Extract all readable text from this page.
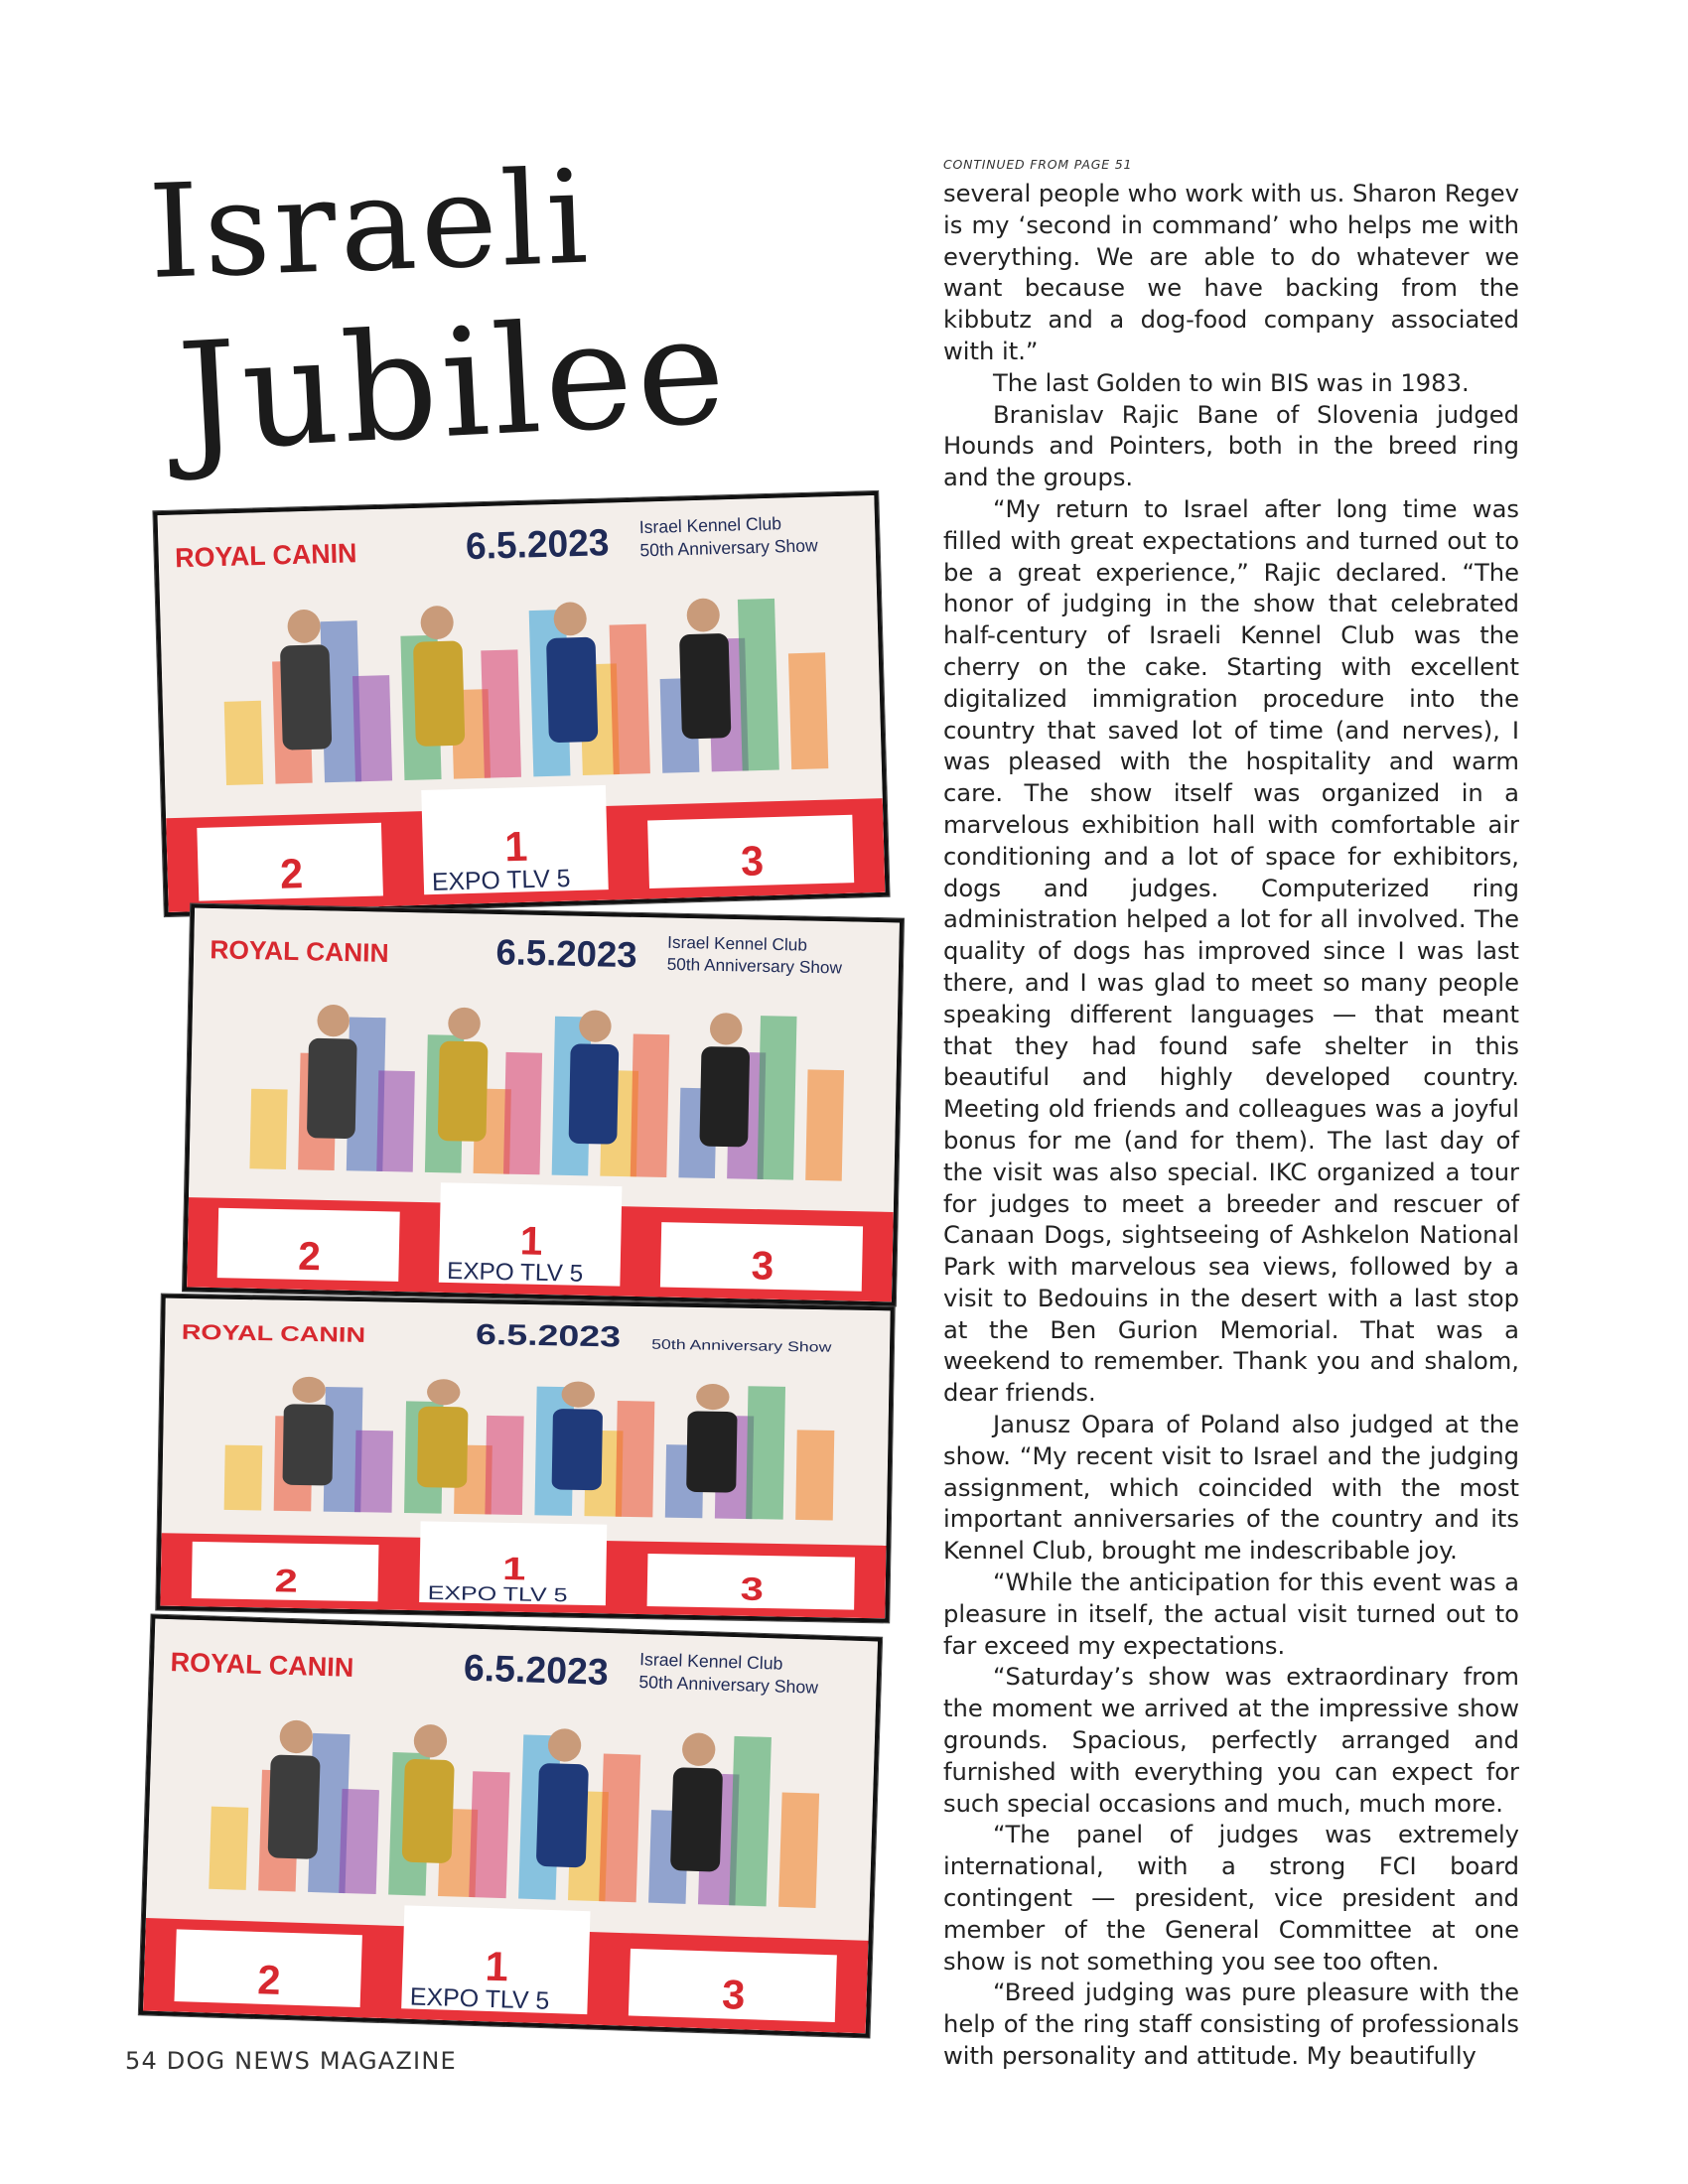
Israeli
Jubilee
ROYAL CANIN	6.5.2023 Israel Kennel Club
50th Anniversary Show
2
1	3
EXPO TLV 5
ROYAL CANIN	6.5.2023 Israel Kennel Club
50th Anniversary Show
2	1
3
EXPO TLV 5
ROYAL CANIN	6.5.2023 50th Anniversary Show
2	1
3
EXPO TLV 5
ROYAL CANIN	6.5.2023 Israel Kennel Club
50th Anniversary Show
2	1
3
EXPO TLV 5
CONTINUED FROM PAGE 51

several people who work with us. Sharon Regev is my ‘second in command’ who helps me with everything. We are able to do whatever we want because we have backing from the kibbutz and a dog-food company associated with it.”

The last Golden to win BIS was in 1983.

Branislav Rajic Bane of Slovenia judged Hounds and Pointers, both in the breed ring and the groups.

“My return to Israel after long time was filled with great expectations and turned out to be a great experience,” Rajic declared. “The honor of judging in the show that celebrated half-century of Israeli Kennel Club was the cherry on the cake. Starting with excellent digitalized immigration procedure into the country that saved lot of time (and nerves), I was pleased with the hospitality and warm care. The show itself was organized in a marvelous exhibition hall with comfortable air conditioning and a lot of space for exhibitors, dogs and judges. Computerized ring administration helped a lot for all involved. The quality of dogs has improved since I was last there, and I was glad to meet so many people speaking different languages — that meant that they had found safe shelter in this beautiful and highly developed country. Meeting old friends and colleagues was a joyful bonus for me (and for them). The last day of the visit was also special. IKC organized a tour for judges to meet a breeder and rescuer of Canaan Dogs, sightseeing of Ashkelon National Park with marvelous sea views, followed by a visit to Bedouins in the desert with a last stop at the Ben Gurion Memorial. That was a weekend to remember. Thank you and shalom, dear friends.

Janusz Opara of Poland also judged at the show. “My recent visit to Israel and the judging assignment, which coincided with the most important anniversaries of the country and its Kennel Club, brought me indescribable joy.

“While the anticipation for this event was a pleasure in itself, the actual visit turned out to far exceed my expectations.

“Saturday’s show was extraordinary from the moment we arrived at the impressive show grounds. Spacious, perfectly arranged and furnished with everything you can expect for such special occasions and much, much more.

“The panel of judges was extremely international, with a strong FCI board contingent — president, vice president and member of the General Committee at one show is not something you see too often.

“Breed judging was pure pleasure with the help of the ring staff consisting of professionals with personality and attitude. My beautifully

54 DOG NEWS MAGAZINE
